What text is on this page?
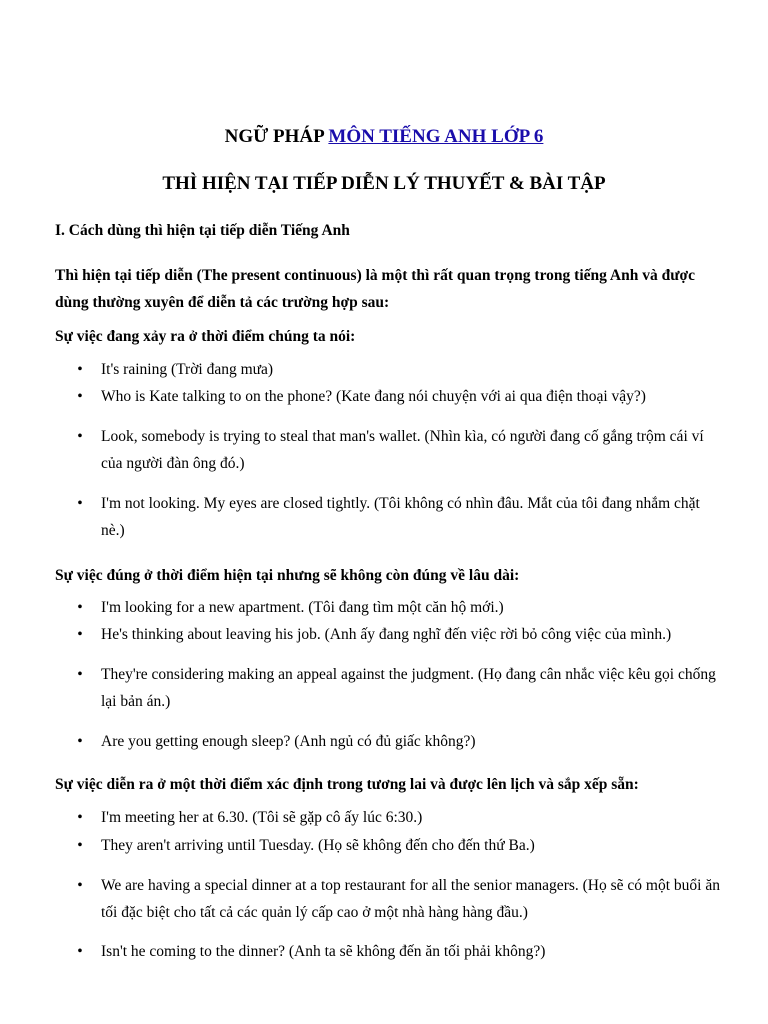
NGỮ PHÁP MÔN TIẾNG ANH LỚP 6
THÌ HIỆN TẠI TIẾP DIỄN LÝ THUYẾT & BÀI TẬP
I. Cách dùng thì hiện tại tiếp diễn Tiếng Anh
Thì hiện tại tiếp diễn (The present continuous) là một thì rất quan trọng trong tiếng Anh và được dùng thường xuyên để diễn tả các trường hợp sau:
Sự việc đang xảy ra ở thời điểm chúng ta nói:
• It's raining (Trời đang mưa)
• Who is Kate talking to on the phone? (Kate đang nói chuyện với ai qua điện thoại vậy?)
• Look, somebody is trying to steal that man's wallet. (Nhìn kìa, có người đang cố gắng trộm cái ví của người đàn ông đó.)
• I'm not looking. My eyes are closed tightly. (Tôi không có nhìn đâu. Mắt của tôi đang nhắm chặt nè.)
Sự việc đúng ở thời điểm hiện tại nhưng sẽ không còn đúng về lâu dài:
• I'm looking for a new apartment. (Tôi đang tìm một căn hộ mới.)
• He's thinking about leaving his job. (Anh ấy đang nghĩ đến việc rời bỏ công việc của mình.)
• They're considering making an appeal against the judgment. (Họ đang cân nhắc việc kêu gọi chống lại bản án.)
• Are you getting enough sleep? (Anh ngủ có đủ giấc không?)
Sự việc diễn ra ở một thời điểm xác định trong tương lai và được lên lịch và sắp xếp sẵn:
• I'm meeting her at 6.30. (Tôi sẽ gặp cô ấy lúc 6:30.)
• They aren't arriving until Tuesday. (Họ sẽ không đến cho đến thứ Ba.)
• We are having a special dinner at a top restaurant for all the senior managers. (Họ sẽ có một buổi ăn tối đặc biệt cho tất cả các quản lý cấp cao ở một nhà hàng hàng đầu.)
• Isn't he coming to the dinner? (Anh ta sẽ không đến ăn tối phải không?)
